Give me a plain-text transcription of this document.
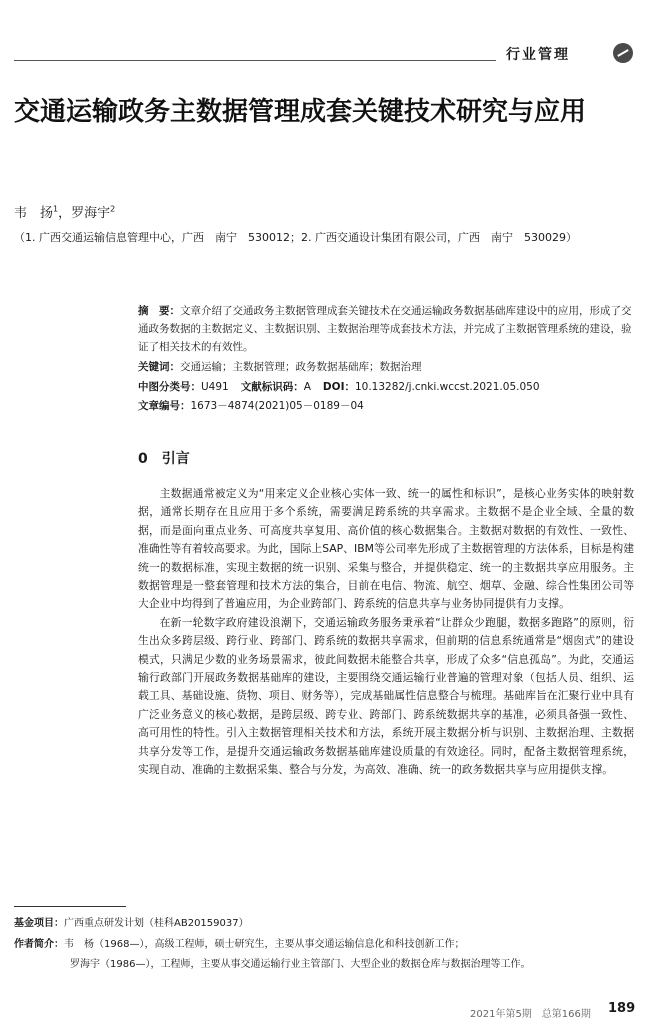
行业管理
交通运输政务主数据管理成套关键技术研究与应用
韦　扬$^1$，罗海宇$^2$
（1. 广西交通运输信息管理中心，广西　南宁　530012；2. 广西交通设计集团有限公司，广西　南宁　530029）
摘　要：文章介绍了交通政务主数据管理成套关键技术在交通运输政务数据基础库建设中的应用，形成了交通政务数据的主数据定义、主数据识别、主数据治理等成套技术方法，并完成了主数据管理系统的建设，验证了相关技术的有效性。
关键词：交通运输；主数据管理；政务数据基础库；数据治理
中图分类号：U491 文献标识码：A DOI：10.13282/j.cnki.wccst.2021.05.050
文章编号：1673－4874(2021)05－0189－04
0　引言

主数据通常被定义为“用来定义企业核心实体一致、统一的属性和标识”，是核心业务实体的映射数据，通常长期存在且应用于多个系统，需要满足跨系统的共享需求。主数据不是企业全域、全量的数据，而是面向重点业务、可高度共享复用、高价值的核心数据集合。主数据对数据的有效性、一致性、准确性等有着较高要求。为此，国际上SAP、IBM等公司率先形成了主数据管理的方法体系，目标是构建统一的数据标准，实现主数据的统一识别、采集与整合，并提供稳定、统一的主数据共享应用服务。主数据管理是一整套管理和技术方法的集合，目前在电信、物流、航空、烟草、金融、综合性集团公司等大企业中均得到了普遍应用，为企业跨部门、跨系统的信息共享与业务协同提供有力支撑。

在新一轮数字政府建设浪潮下，交通运输政务服务秉承着“让群众少跑腿，数据多跑路”的原则，衍生出众多跨层级、跨行业、跨部门、跨系统的数据共享需求，但前期的信息系统通常是“烟囱式”的建设模式，只满足少数的业务场景需求，彼此间数据未能整合共享，形成了众多“信息孤岛”。为此，交通运输行政部门开展政务数据基础库的建设，主要围绕交通运输行业普遍的管理对象（包括人员、组织、运载工具、基础设施、货物、项目、财务等），完成基础属性信息整合与梳理。基础库旨在汇聚行业中具有广泛业务意义的核心数据，是跨层级、跨专业、跨部门、跨系统数据共享的基准，必须具备强一致性、高可用性的特性。引入主数据管理相关技术和方法，系统开展主数据分析与识别、主数据治理、主数据共享分发等工作，是提升交通运输政务数据基础库建设质量的有效途径。同时，配备主数据管理系统，实现自动、准确的主数据采集、整合与分发，为高效、准确、统一的政务数据共享与应用提供支撑。

基金项目：广西重点研发计划（桂科AB20159037）
作者简介：韦　杨（1968—），高级工程师，硕士研究生，主要从事交通运输信息化和科技创新工作；
罗海宇（1986—），工程师，主要从事交通运输行业主管部门、大型企业的数据仓库与数据治理等工作。
2021年第5期　总第166期 189
